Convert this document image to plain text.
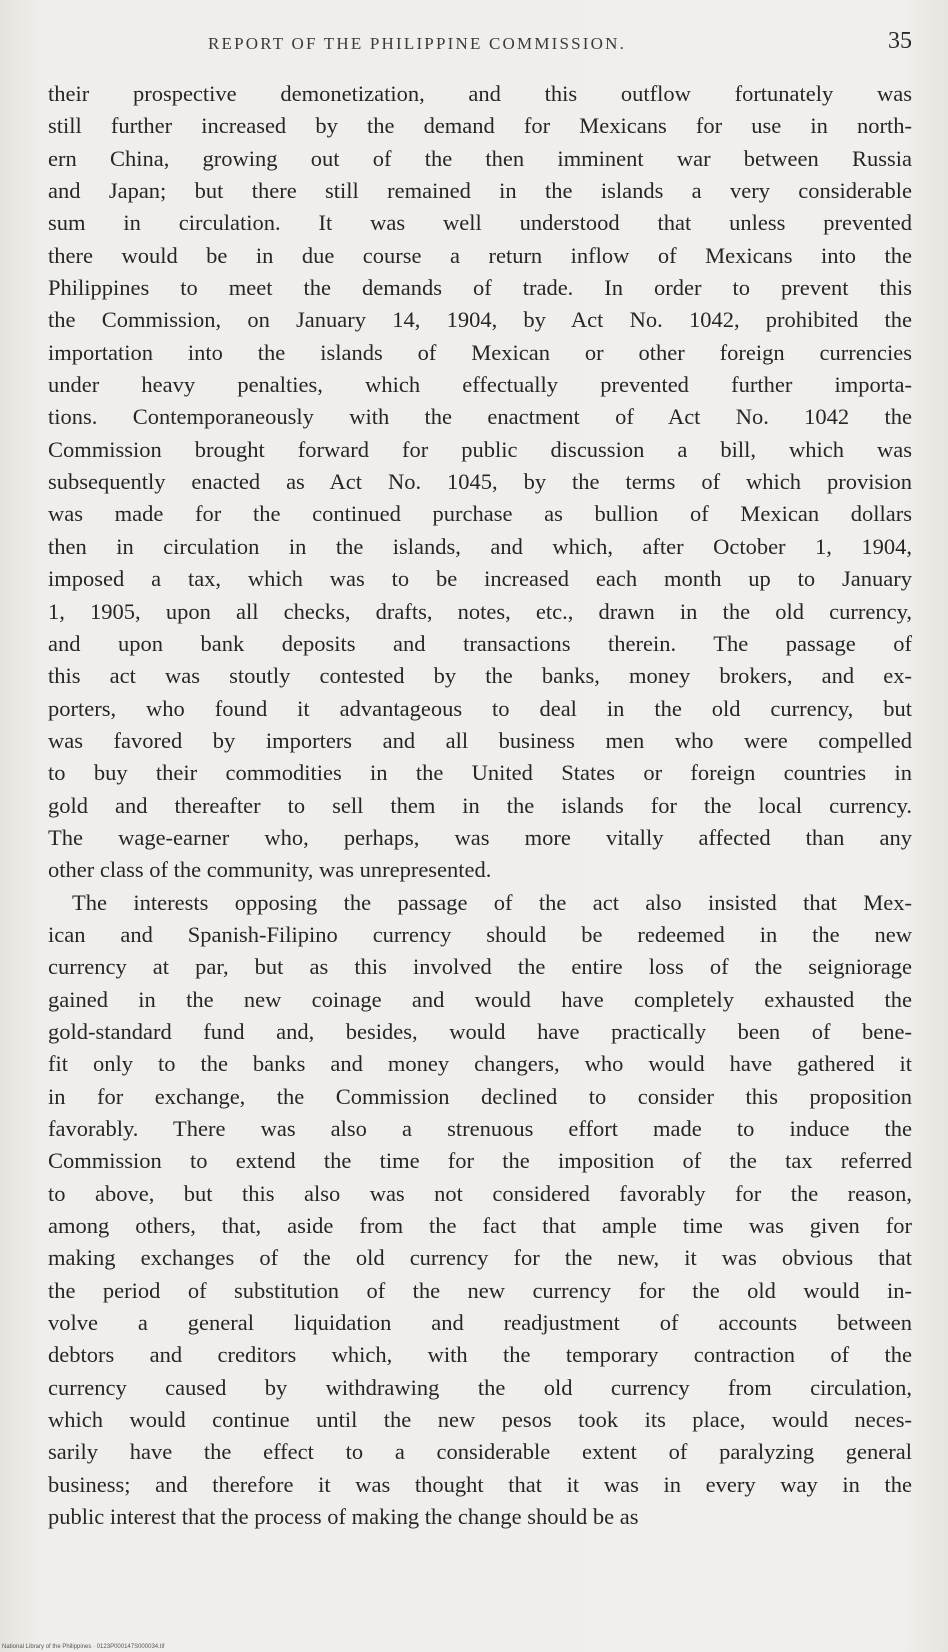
REPORT OF THE PHILIPPINE COMMISSION.	35
their prospective demonetization, and this outflow fortunately was
still further increased by the demand for Mexicans for use in north-
ern China, growing out of the then imminent war between Russia
and Japan; but there still remained in the islands a very considerable
sum in circulation. It was well understood that unless prevented
there would be in due course a return inflow of Mexicans into the
Philippines to meet the demands of trade. In order to prevent this
the Commission, on January 14, 1904, by Act No. 1042, prohibited the
importation into the islands of Mexican or other foreign currencies
under heavy penalties, which effectually prevented further importa-
tions. Contemporaneously with the enactment of Act No. 1042 the
Commission brought forward for public discussion a bill, which was
subsequently enacted as Act No. 1045, by the terms of which provision
was made for the continued purchase as bullion of Mexican dollars
then in circulation in the islands, and which, after October 1, 1904,
imposed a tax, which was to be increased each month up to January
1, 1905, upon all checks, drafts, notes, etc., drawn in the old currency,
and upon bank deposits and transactions therein. The passage of
this act was stoutly contested by the banks, money brokers, and ex-
porters, who found it advantageous to deal in the old currency, but
was favored by importers and all business men who were compelled
to buy their commodities in the United States or foreign countries in
gold and thereafter to sell them in the islands for the local currency.
The wage-earner who, perhaps, was more vitally affected than any
other class of the community, was unrepresented.
The interests opposing the passage of the act also insisted that Mex-
ican and Spanish-Filipino currency should be redeemed in the new
currency at par, but as this involved the entire loss of the seigniorage
gained in the new coinage and would have completely exhausted the
gold-standard fund and, besides, would have practically been of bene-
fit only to the banks and money changers, who would have gathered it
in for exchange, the Commission declined to consider this proposition
favorably. There was also a strenuous effort made to induce the
Commission to extend the time for the imposition of the tax referred
to above, but this also was not considered favorably for the reason,
among others, that, aside from the fact that ample time was given for
making exchanges of the old currency for the new, it was obvious that
the period of substitution of the new currency for the old would in-
volve a general liquidation and readjustment of accounts between
debtors and creditors which, with the temporary contraction of the
currency caused by withdrawing the old currency from circulation,
which would continue until the new pesos took its place, would neces-
sarily have the effect to a considerable extent of paralyzing general
business; and therefore it was thought that it was in every way in the
public interest that the process of making the change should be as
National Library of the Philippines · 0123P000147S000034.tif
